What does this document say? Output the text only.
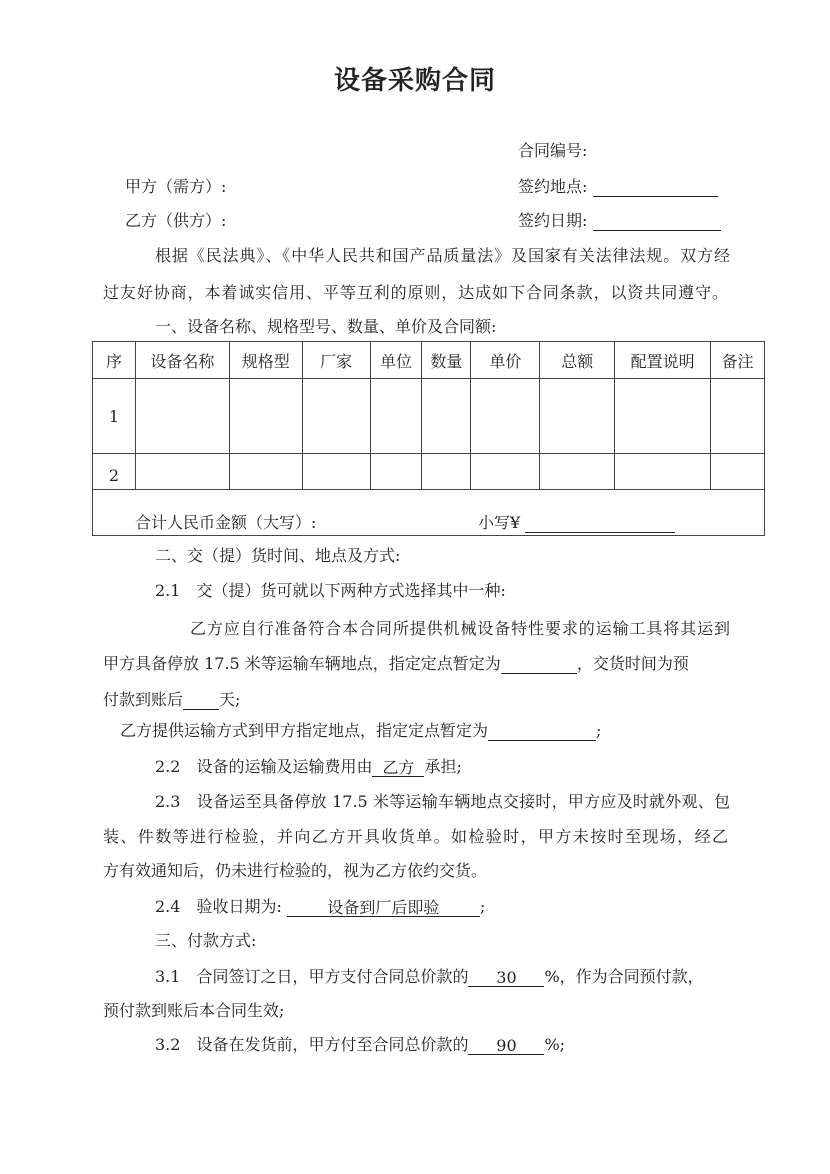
设备采购合同
合同编号:
甲方（需方）:	签约地点:
乙方（供方）:	签约日期:
根据《民法典》、《中华人民共和国产品质量法》及国家有关法律法规。双方经
过友好协商，本着诚实信用、平等互利的原则，达成如下合同条款，以资共同遵守。
一、设备名称、规格型号、数量、单价及合同额:
序	设备名称	规格型	厂家	单位	数量	单价	总额	配置说明	备注
1									
2									

合计人民币金额（大写）: 小写¥									
二、交（提）货时间、地点及方式:
2.1　交（提）货可就以下两种方式选择其中一种:
乙方应自行准备符合本合同所提供机械设备特性要求的运输工具将其运到
甲方具备停放 17.5 米等运输车辆地点，指定定点暂定为	，交货时间为预
付款到账后 天;
乙方提供运输方式到甲方指定地点，指定定点暂定为	;
2.2　设备的运输及运输费用由 乙方 承担;
2.3　设备运至具备停放 17.5 米等运输车辆地点交接时，甲方应及时就外观、包
装、件数等进行检验，并向乙方开具收货单。如检验时，甲方未按时至现场，经乙
方有效通知后，仍未进行检验的，视为乙方依约交货。
2.4　验收日期为:	设备到厂后即验	;
三、付款方式:
3.1　合同签订之日，甲方支付合同总价款的 30 %，作为合同预付款，
预付款到账后本合同生效;
3.2　设备在发货前，甲方付至合同总价款的 90 %;
